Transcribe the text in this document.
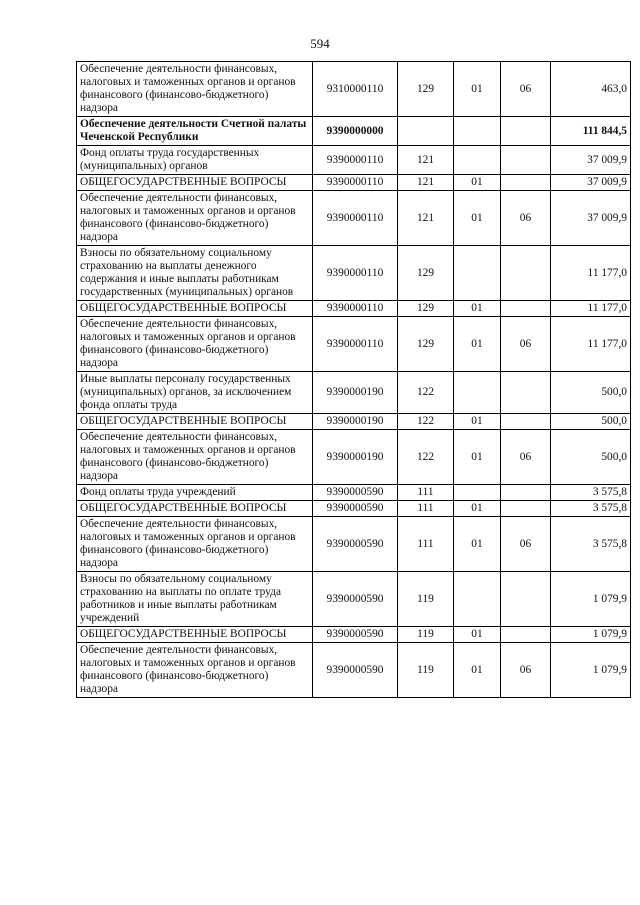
594
Обеспечение деятельности финансовых, налоговых и таможенных органов и органов финансового (финансово-бюджетного) надзора	9310000110	129	01	06	463,0
Обеспечение деятельности Счетной палаты Чеченской Республики	9390000000				111 844,5
Фонд оплаты труда государственных (муниципальных) органов	9390000110	121			37 009,9
ОБЩЕГОСУДАРСТВЕННЫЕ ВОПРОСЫ	9390000110	121	01		37 009,9
Обеспечение деятельности финансовых, налоговых и таможенных органов и органов финансового (финансово-бюджетного) надзора	9390000110	121	01	06	37 009,9
Взносы по обязательному социальному страхованию на выплаты денежного содержания и иные выплаты работникам государственных (муниципальных) органов	9390000110	129			11 177,0
ОБЩЕГОСУДАРСТВЕННЫЕ ВОПРОСЫ	9390000110	129	01		11 177,0
Обеспечение деятельности финансовых, налоговых и таможенных органов и органов финансового (финансово-бюджетного) надзора	9390000110	129	01	06	11 177,0
Иные выплаты персоналу государственных (муниципальных) органов, за исключением фонда оплаты труда	9390000190	122			500,0
ОБЩЕГОСУДАРСТВЕННЫЕ ВОПРОСЫ	9390000190	122	01		500,0
Обеспечение деятельности финансовых, налоговых и таможенных органов и органов финансового (финансово-бюджетного) надзора	9390000190	122	01	06	500,0
Фонд оплаты труда учреждений	9390000590	111			3 575,8
ОБЩЕГОСУДАРСТВЕННЫЕ ВОПРОСЫ	9390000590	111	01		3 575,8
Обеспечение деятельности финансовых, налоговых и таможенных органов и органов финансового (финансово-бюджетного) надзора	9390000590	111	01	06	3 575,8
Взносы по обязательному социальному страхованию на выплаты по оплате труда работников и иные выплаты работникам учреждений	9390000590	119			1 079,9
ОБЩЕГОСУДАРСТВЕННЫЕ ВОПРОСЫ	9390000590	119	01		1 079,9
Обеспечение деятельности финансовых, налоговых и таможенных органов и органов финансового (финансово-бюджетного) надзора	9390000590	119	01	06	1 079,9
